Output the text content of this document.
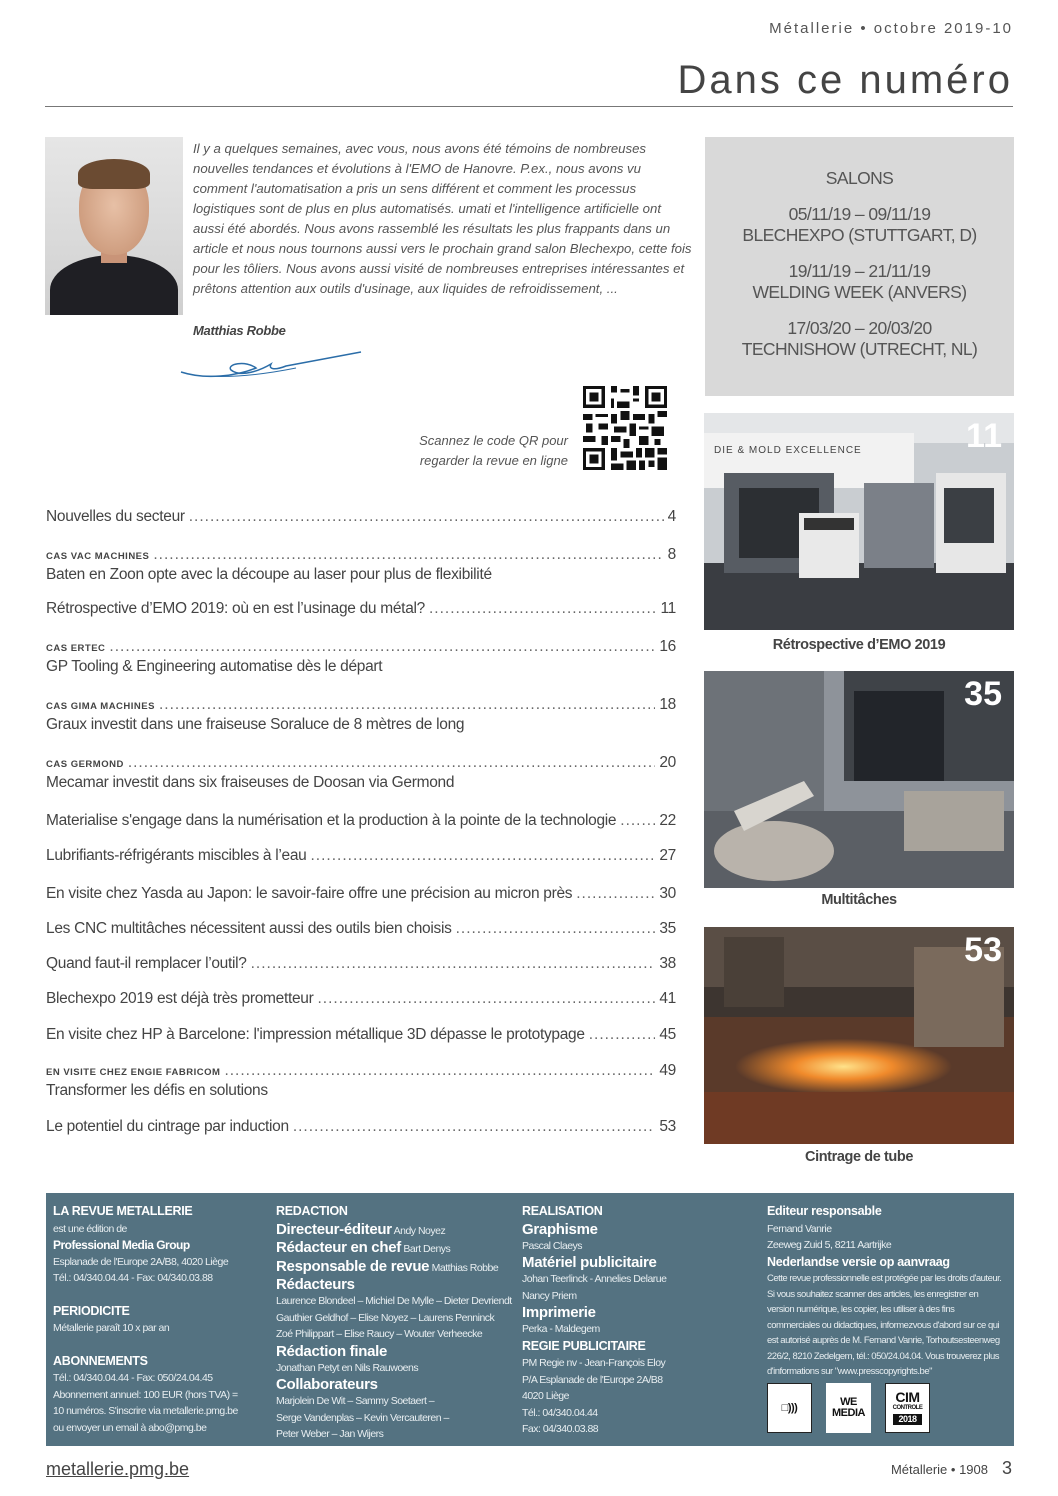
Métallerie • octobre 2019-10
Dans ce numéro

Il y a quelques semaines, avec vous, nous avons été témoins de nombreuses nouvelles tendances et évolutions à l'EMO de Hanovre. P.ex., nous avons vu comment l'automatisation a pris un sens différent et comment les processus logistiques sont de plus en plus automatisés. umati et l'intelligence artificielle ont aussi été abordés. Nous avons rassemblé les résultats les plus frappants dans un article et nous nous tournons aussi vers le prochain grand salon Blechexpo, cette fois pour les tôliers. Nous avons aussi visité de nombreuses entreprises intéressantes et prêtons attention aux outils d'usinage, aux liquides de refroidissement, ...

Matthias Robbe
Scannez le code QR pour
regarder la revue en ligne
SALONS
05/11/19 – 09/11/19
BLECHEXPO (STUTTGART, D)
19/11/19 – 21/11/19
WELDING WEEK (ANVERS)
17/03/20 – 20/03/20
TECHNISHOW (UTRECHT, NL)
DIE & MOLD EXCELLENCE	11
Rétrospective d’EMO 2019
35
Multitâches
53
Cintrage de tube
Nouvelles du secteur .....	4
CAS VAC MACHINES .....	8
Baten en Zoon opte avec la découpe au laser pour plus de flexibilité
Rétrospective d’EMO 2019: où en est l’usinage du métal? .....	11
CAS ERTEC .....	16
GP Tooling & Engineering automatise dès le départ
CAS GIMA MACHINES .....	18
Graux investit dans une fraiseuse Soraluce de 8 mètres de long
CAS GERMOND .....	20
Mecamar investit dans six fraiseuses de Doosan via Germond
Materialise s'engage dans la numérisation et la production à la pointe de la technologie .....	22
Lubrifiants-réfrigérants miscibles à l’eau .....	27
En visite chez Yasda au Japon: le savoir-faire offre une précision au micron près .....	30
Les CNC multitâches nécessitent aussi des outils bien choisis .....	35
Quand faut-il remplacer l’outil? .....	38
Blechexpo 2019 est déjà très prometteur .....	41
En visite chez HP à Barcelone: l'impression métallique 3D dépasse le prototypage .....	45
EN VISITE CHEZ ENGIE FABRICOM .....	49
Transformer les défis en solutions
Le potentiel du cintrage par induction .....	53
LA REVUE METALLERIE
est une édition de
Professional Media Group
Esplanade de l'Europe 2A/B8, 4020 Liège
Tél.: 04/340.04.44 - Fax: 04/340.03.88
PERIODICITE
Métallerie paraît 10 x par an
ABONNEMENTS
Tél.: 04/340.04.44 - Fax: 050/24.04.45
Abonnement annuel: 100 EUR (hors TVA) =
10 numéros. S'inscrire via metallerie.pmg.be
ou envoyer un email à abo@pmg.be
REDACTION
Directeur-éditeur Andy Noyez
Rédacteur en chef Bart Denys
Responsable de revue Matthias Robbe
Rédacteurs
Laurence Blondeel – Michiel De Mylle – Dieter Devriendt
Gauthier Geldhof – Elise Noyez – Laurens Penninck
Zoé Philippart – Elise Raucy – Wouter Verheecke
Rédaction finale
Jonathan Petyt en Nils Rauwoens
Collaborateurs
Marjolein De Wit – Sammy Soetaert –
Serge Vandenplas – Kevin Vercauteren –
Peter Weber – Jan Wijers
REALISATION
Graphisme
Pascal Claeys
Matériel publicitaire
Johan Teerlinck - Annelies Delarue
Nancy Priem
Imprimerie
Perka - Maldegem
REGIE PUBLICITAIRE
PM Regie nv - Jean-François Eloy
P/A Esplanade de l'Europe 2A/B8
4020 Liège
Tél.: 04/340.04.44
Fax: 04/340.03.88
Editeur responsable
Fernand Vanrie
Zeeweg Zuid 5, 8211 Aartrijke
Nederlandse versie op aanvraag
Cette revue professionnelle est protégée par les droits d'auteur. Si vous souhaitez scanner des articles, les enregistrer en version numérique, les copier, les utiliser à des fins commerciales ou didactiques, informezvous d'abord sur ce qui est autorisé auprès de M. Fernand Vanrie, Torhoutsesteenweg 226/2, 8210 Zedelgem, tél.: 050/24.04.04. Vous trouverez plus d'informations sur "www.presscopyrights.be"
□)))	WE MEDIA
CIM
CONTROLE
2018
metallerie.pmg.be	Métallerie • 1908 3
